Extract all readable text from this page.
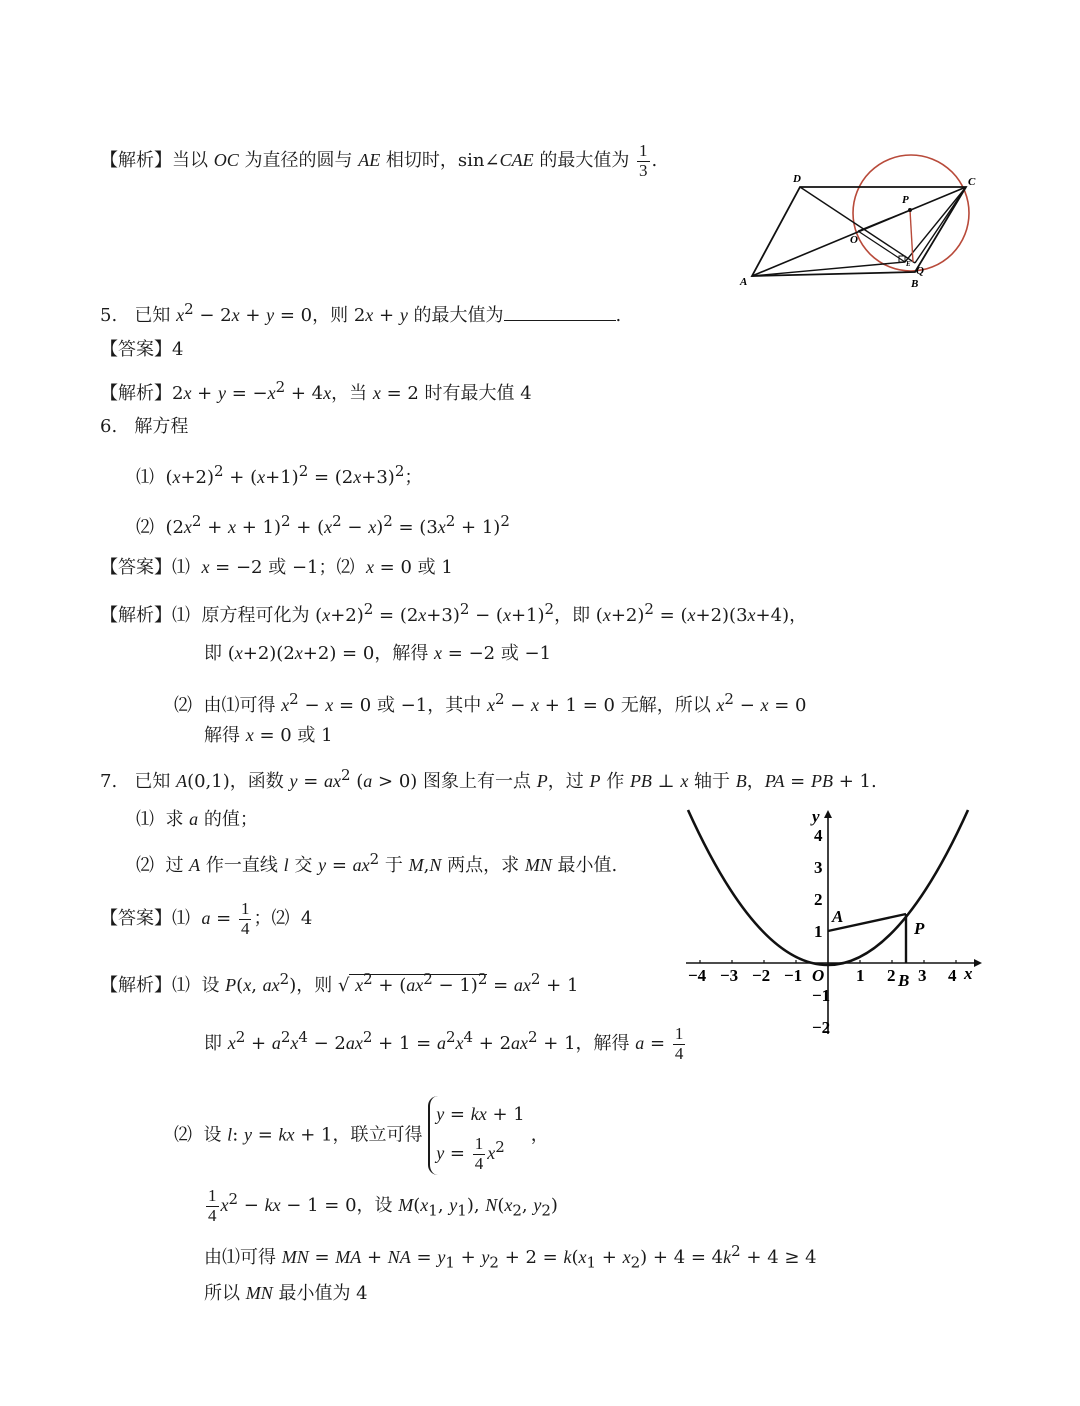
【解析】当以 OC 为直径的圆与 AE 相切时，sin∠CAE 的最大值为 $\frac{1}{3}$ .
D	C
P
O
Q
E
A	B
5.   已知 $x^2 - 2x + y = 0$，则 2x + y 的最大值为	.
【答案】4
【解析】$2x + y = -x^2 + 4x$，当 x = 2 时有最大值 4
6.   解方程
⑴  $(x+2)^2 + (x+1)^2 = (2x+3)^2$；
⑵  $(2x^2 + x + 1)^2 + (x^2 - x)^2 = (3x^2 + 1)^2$
【答案】⑴  x = −2 或 −1；⑵  x = 0 或 1
【解析】⑴  原方程可化为 $(x+2)^2 = (2x+3)^2 - (x+1)^2$，即 $(x+2)^2 = (x+2)(3x+4)$，
即 (x+2)(2x+2) = 0，解得 x = −2 或 −1
⑵  由⑴可得 $x^2 - x = 0$ 或 −1，其中 $x^2 - x + 1 = 0$ 无解，所以 $x^2 - x = 0$
解得 x = 0 或 1
7.   已知 A(0,1)，函数 $y = ax^2$ (a > 0) 图象上有一点 P，过 P 作 PB ⊥ x 轴于 B，PA = PB + 1.
⑴  求 a 的值；
⑵  过 A 作一直线 l 交 $y = ax^2$ 于 M,N 两点，求 MN 最小值.
【答案】⑴  $a = \frac{1}{4}$ ；⑵  4
【解析】⑴  设 P(x, $ax^2$)，则 √ $x^2 + (ax^2 - 1)^2 = ax^2 + 1$
即 $x^2 + a^2x^4 - 2ax^2 + 1 = a^2x^4 + 2ax^2 + 1$，解得 $a = \frac{1}{4}$
⑵  设 l: y = kx + 1，联立可得
y = kx + 1
$y = \frac{1}{4} x^2$
，
$\frac{1}{4} x^2$ − kx − 1 = 0，设 $M(x_1$, $y_1$), $N(x_2$, $y_2$)
由⑴可得 MN = MA + NA = $y_1 + y_2 + 2 = k(x_1 + x_2) + 4 = 4k^2 + 4 \ge 4$
所以 MN 最小值为 4
−4 −3 −2 −1	1 2 3 4
4
3
2
1
−1
−2
O	x
y
A
P
B
